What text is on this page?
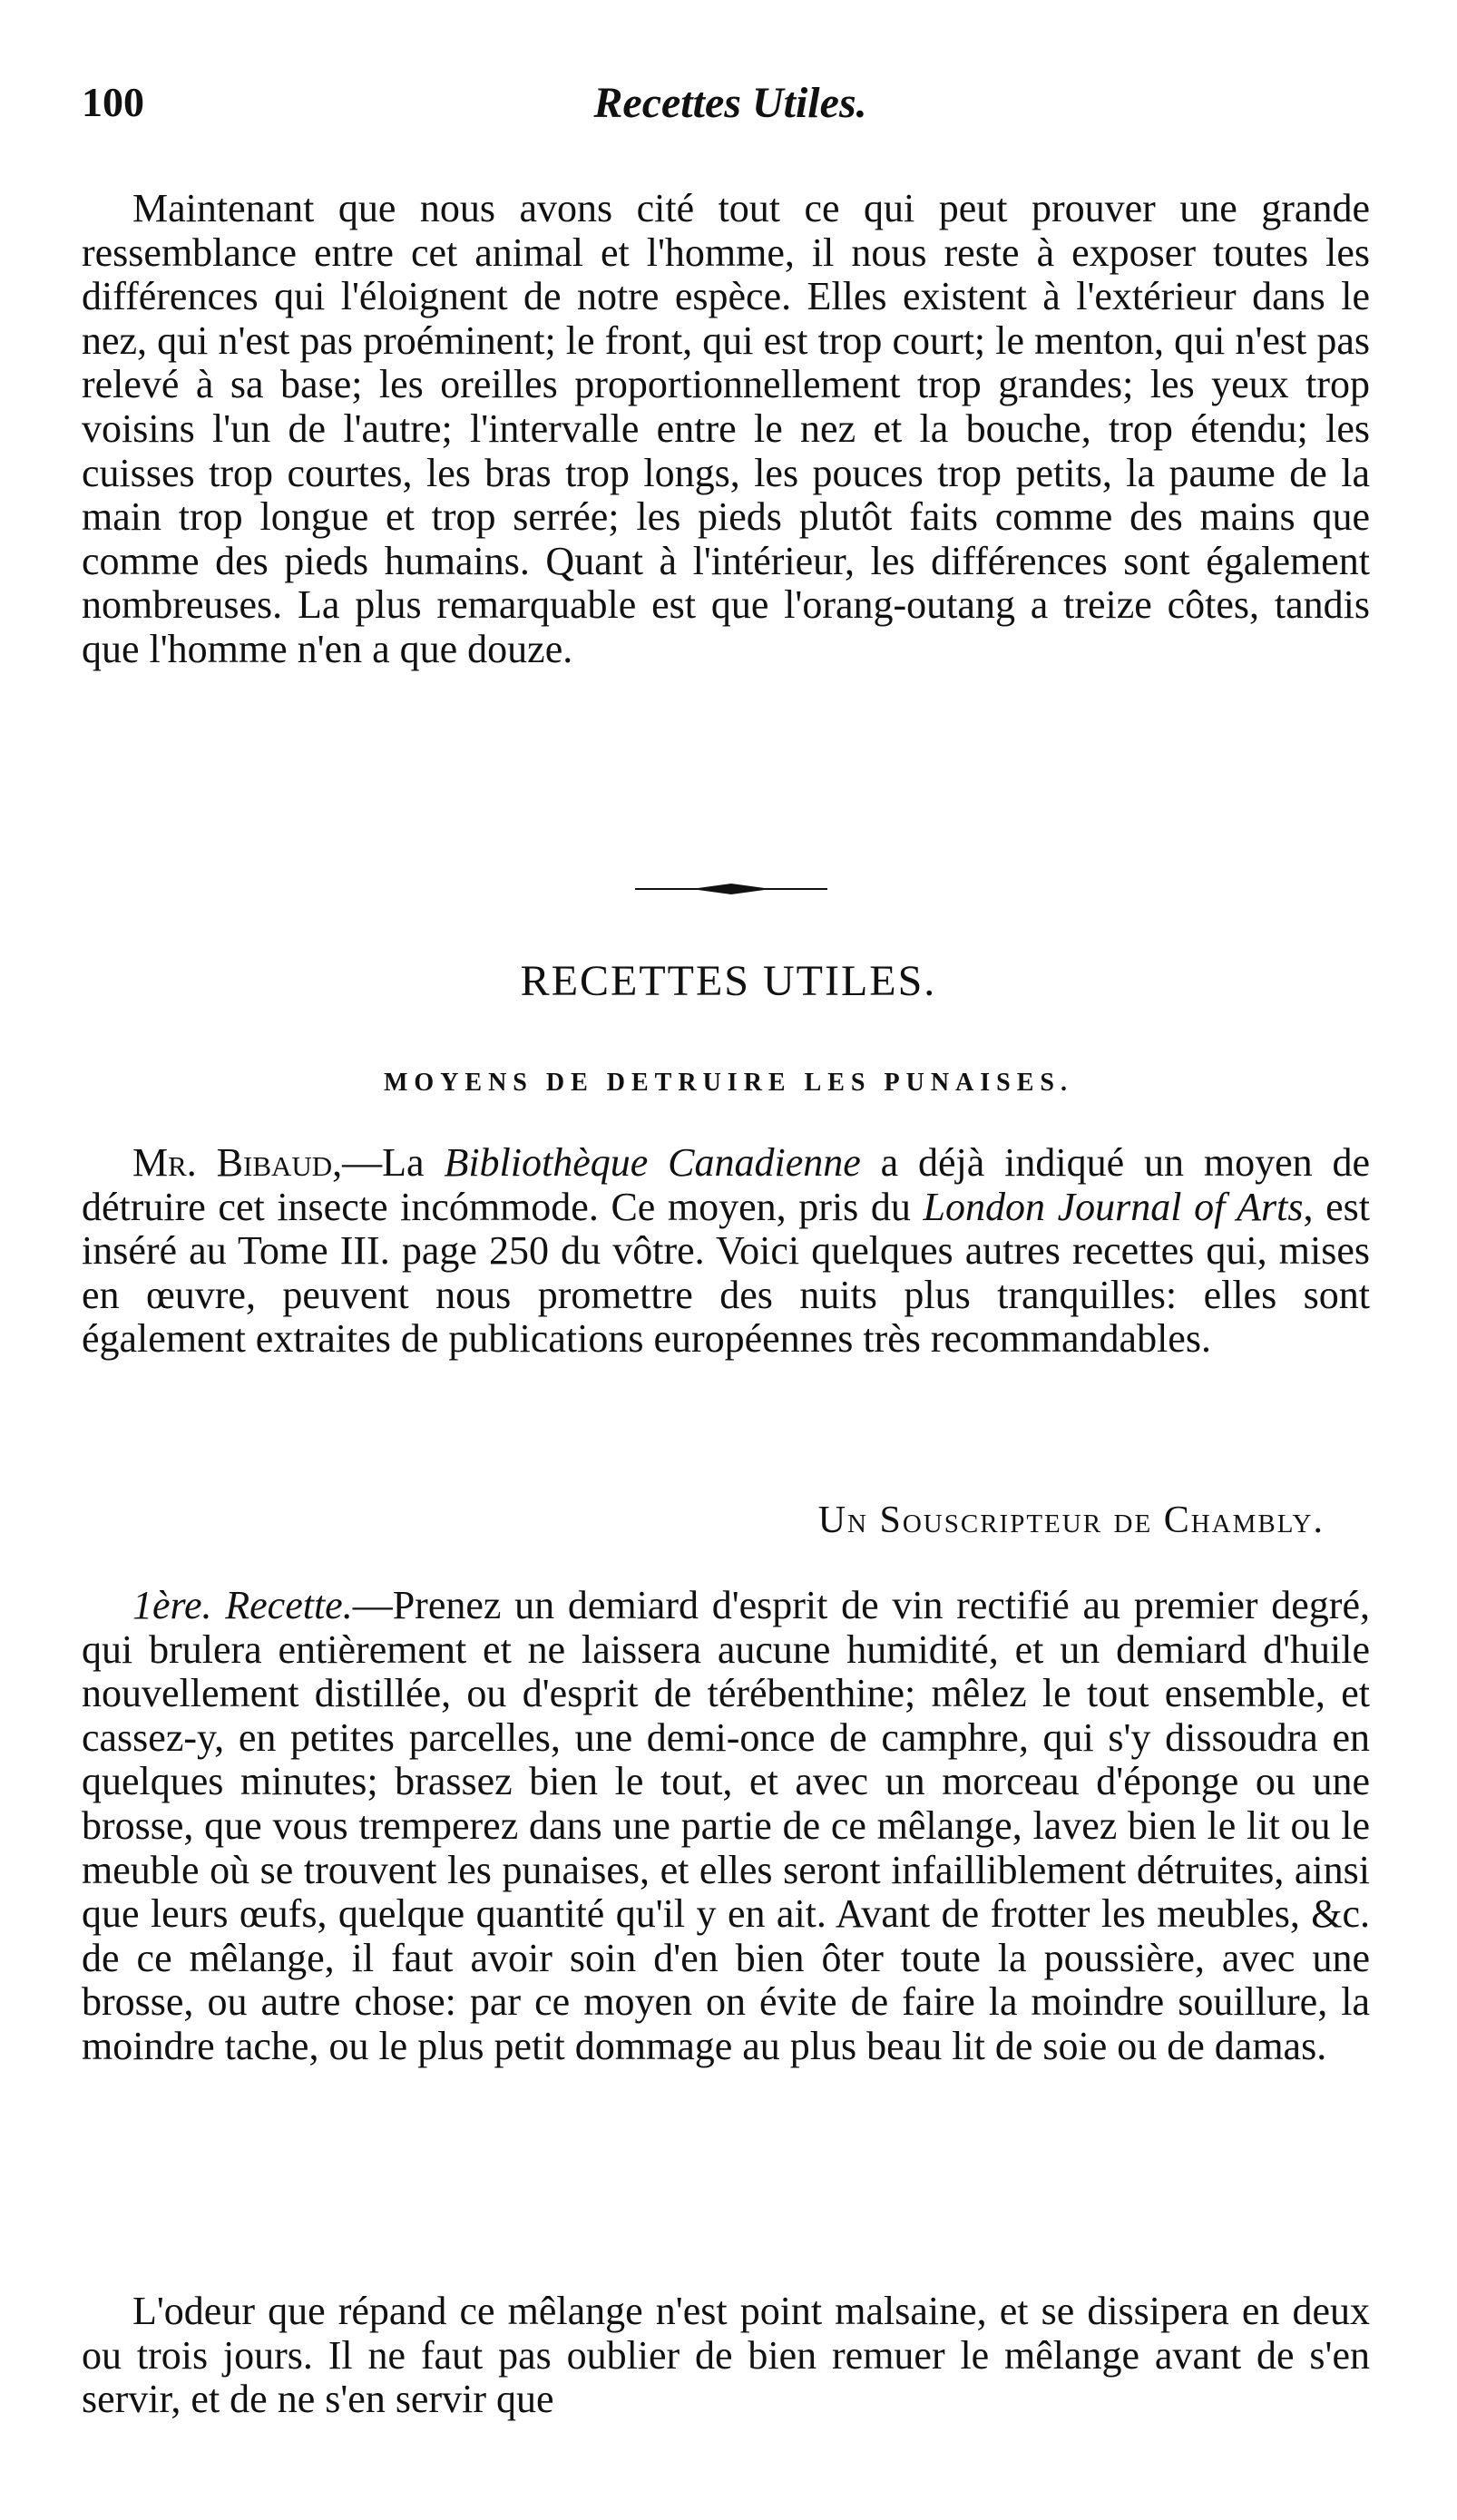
100	Recettes Utiles.

Maintenant que nous avons cité tout ce qui peut prouver une grande ressemblance entre cet animal et l'homme, il nous reste à exposer toutes les différences qui l'éloignent de notre espèce. Elles existent à l'extérieur dans le nez, qui n'est pas proéminent; le front, qui est trop court; le menton, qui n'est pas relevé à sa base; les oreilles proportionnellement trop grandes; les yeux trop voisins l'un de l'autre; l'intervalle entre le nez et la bouche, trop étendu; les cuisses trop courtes, les bras trop longs, les pouces trop petits, la paume de la main trop longue et trop serrée; les pieds plutôt faits comme des mains que comme des pieds humains. Quant à l'intérieur, les différences sont également nombreuses. La plus remarquable est que l'orang-outang a treize côtes, tandis que l'homme n'en a que douze.

RECETTES UTILES.
MOYENS DE DETRUIRE LES PUNAISES.

Mr. Bibaud,—La Bibliothèque Canadienne a déjà indiqué un moyen de détruire cet insecte incómmode. Ce moyen, pris du London Journal of Arts, est inséré au Tome III. page 250 du vôtre. Voici quelques autres recettes qui, mises en œuvre, peuvent nous promettre des nuits plus tranquilles: elles sont également extraites de publications européennes très recommandables.

Un Souscripteur de Chambly.

1ère. Recette.—Prenez un demiard d'esprit de vin rectifié au premier degré, qui brulera entièrement et ne laissera aucune humidité, et un demiard d'huile nouvellement distillée, ou d'esprit de térébenthine; mêlez le tout ensemble, et cassez-y, en petites parcelles, une demi-once de camphre, qui s'y dissoudra en quelques minutes; brassez bien le tout, et avec un morceau d'éponge ou une brosse, que vous tremperez dans une partie de ce mêlange, lavez bien le lit ou le meuble où se trouvent les punaises, et elles seront infailliblement détruites, ainsi que leurs œufs, quelque quantité qu'il y en ait. Avant de frotter les meubles, &c. de ce mêlange, il faut avoir soin d'en bien ôter toute la poussière, avec une brosse, ou autre chose: par ce moyen on évite de faire la moindre souillure, la moindre tache, ou le plus petit dommage au plus beau lit de soie ou de damas.

L'odeur que répand ce mêlange n'est point malsaine, et se dissipera en deux ou trois jours. Il ne faut pas oublier de bien remuer le mêlange avant de s'en servir, et de ne s'en servir que
